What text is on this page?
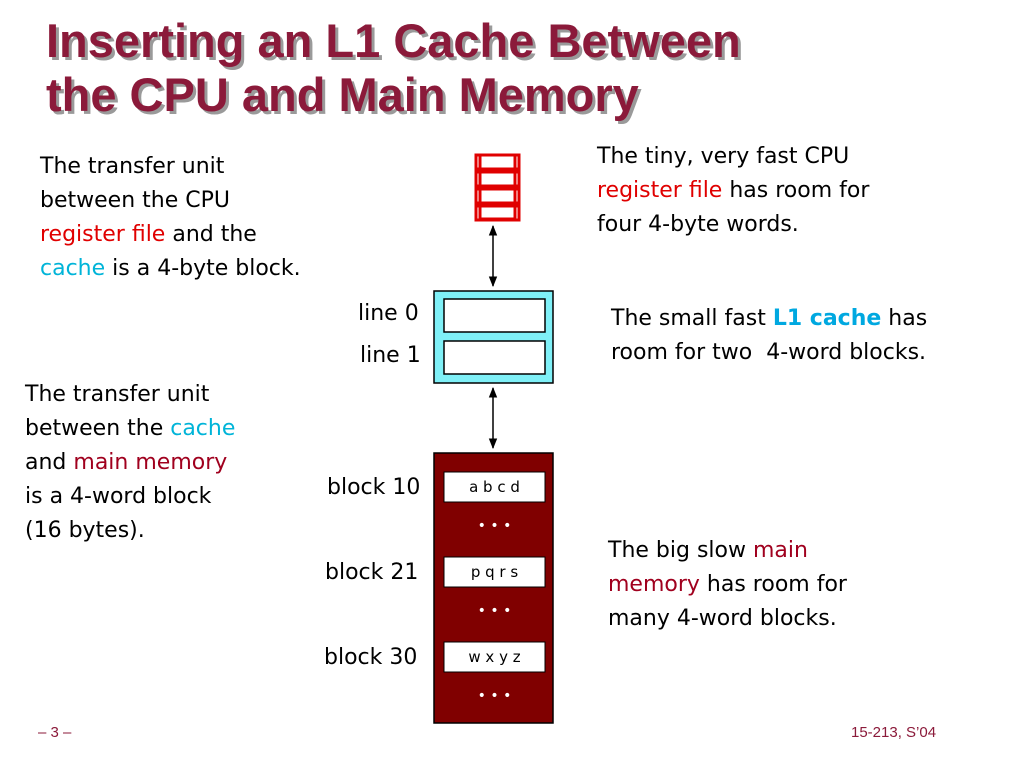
Inserting an L1 Cache Between
the CPU and Main Memory
The transfer unit
between the CPU
register file and the
cache is a 4-byte block.
The transfer unit
between the cache
and main memory
is a 4-word block
(16 bytes).
The tiny, very fast CPU
register file has room for
four 4-byte words.
The small fast L1 cache has
room for two  4-word blocks.
The big slow main
memory has room for
many 4-word blocks.
line 0
line 1
block 10
block 21
block 30
a b c d
• • •
p q r s
• • •
w x y z
• • •
– 3 –	15-213, S’04
